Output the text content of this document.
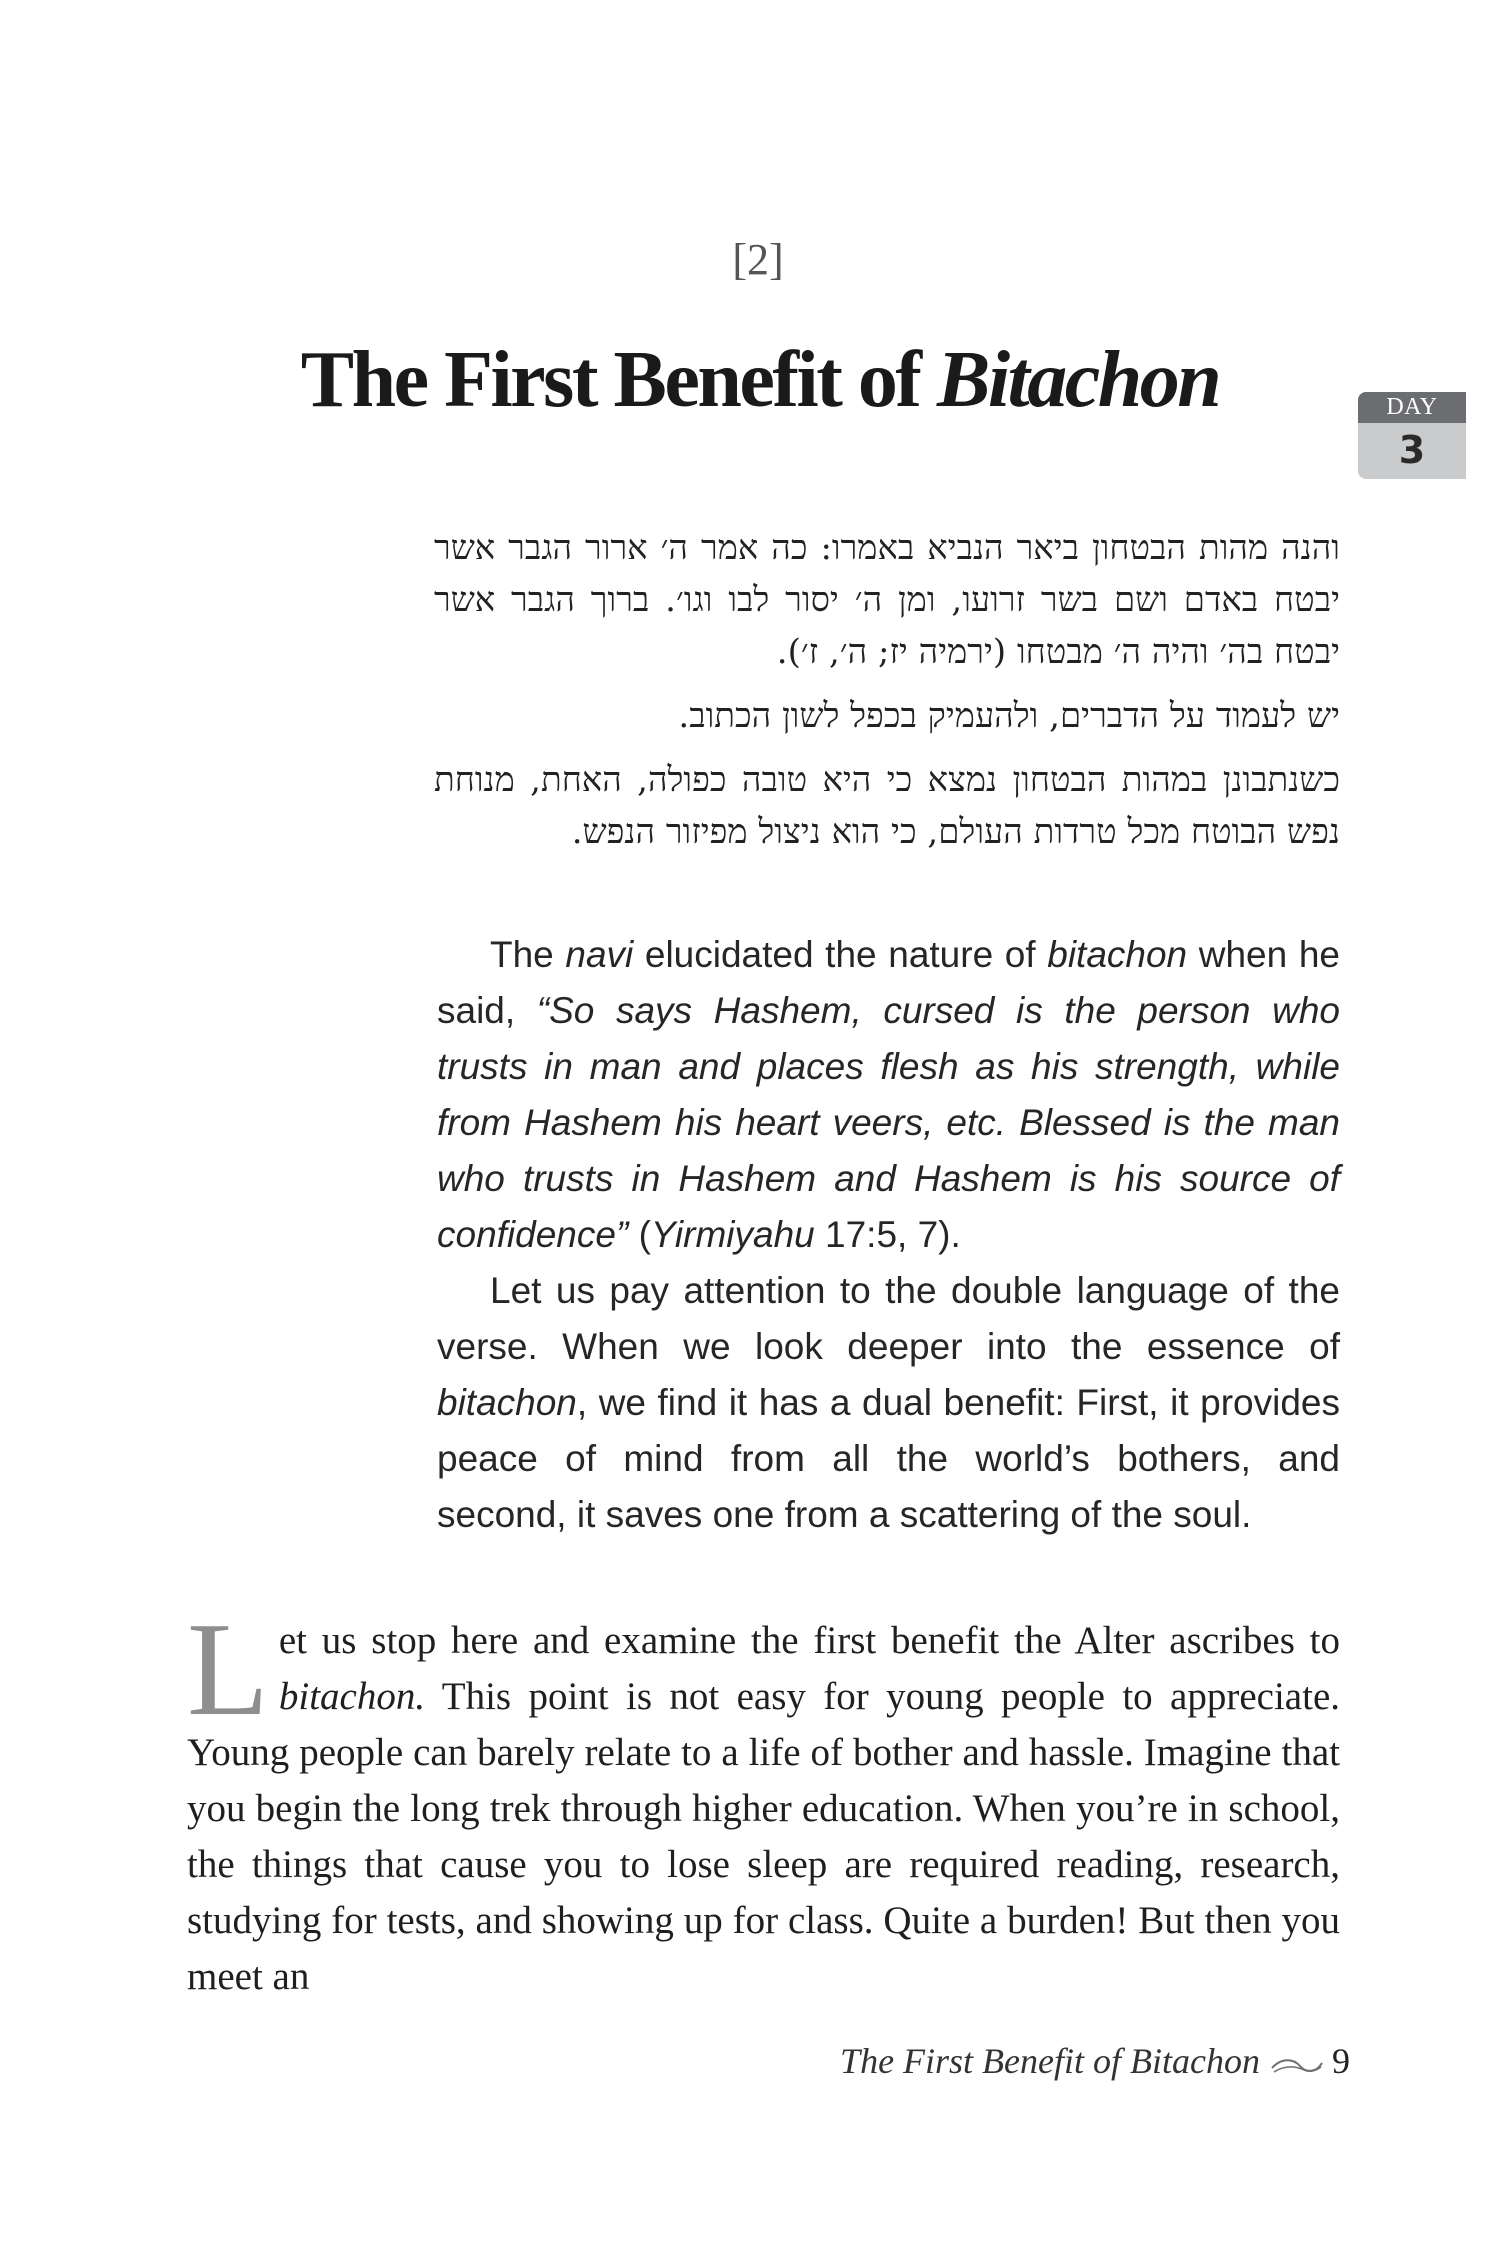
[2]
The First Benefit of Bitachon	DAY
3

והנה מהות הבטחון ביאר הנביא באמרו: כה אמר ה׳ ארור הגבר אשר יבטח באדם ושם בשר זרועו, ומן ה׳ יסור לבו וגו׳. ברוך הגבר אשר יבטח בה׳ והיה ה׳ מבטחו (ירמיה יז; ה׳, ז׳).

יש לעמוד על הדברים, ולהעמיק בכפל לשון הכתוב.

כשנתבונן במהות הבטחון נמצא כי היא טובה כפולה, האחת, מנוחת נפש הבוטח מכל טרדות העולם, כי הוא ניצול מפיזור הנפש.

The navi elucidated the nature of bitachon when he said, “So says Hashem, cursed is the person who trusts in man and places flesh as his strength, while from Hashem his heart veers, etc. Blessed is the man who trusts in Hashem and Hashem is his source of confidence” (Yirmiyahu 17:5, 7).

Let us pay attention to the double language of the verse. When we look deeper into the essence of bitachon, we find it has a dual benefit: First, it provides peace of mind from all the world’s bothers, and second, it saves one from a scattering of the soul.

Let us stop here and examine the first benefit the Alter ascribes to bitachon. This point is not easy for young people to appreciate. Young people can barely relate to a life of bother and hassle. Imagine that you begin the long trek through higher education. When you’re in school, the things that cause you to lose sleep are required reading, research, studying for tests, and showing up for class. Quite a burden! But then you meet an
The First Benefit of Bitachon 9
